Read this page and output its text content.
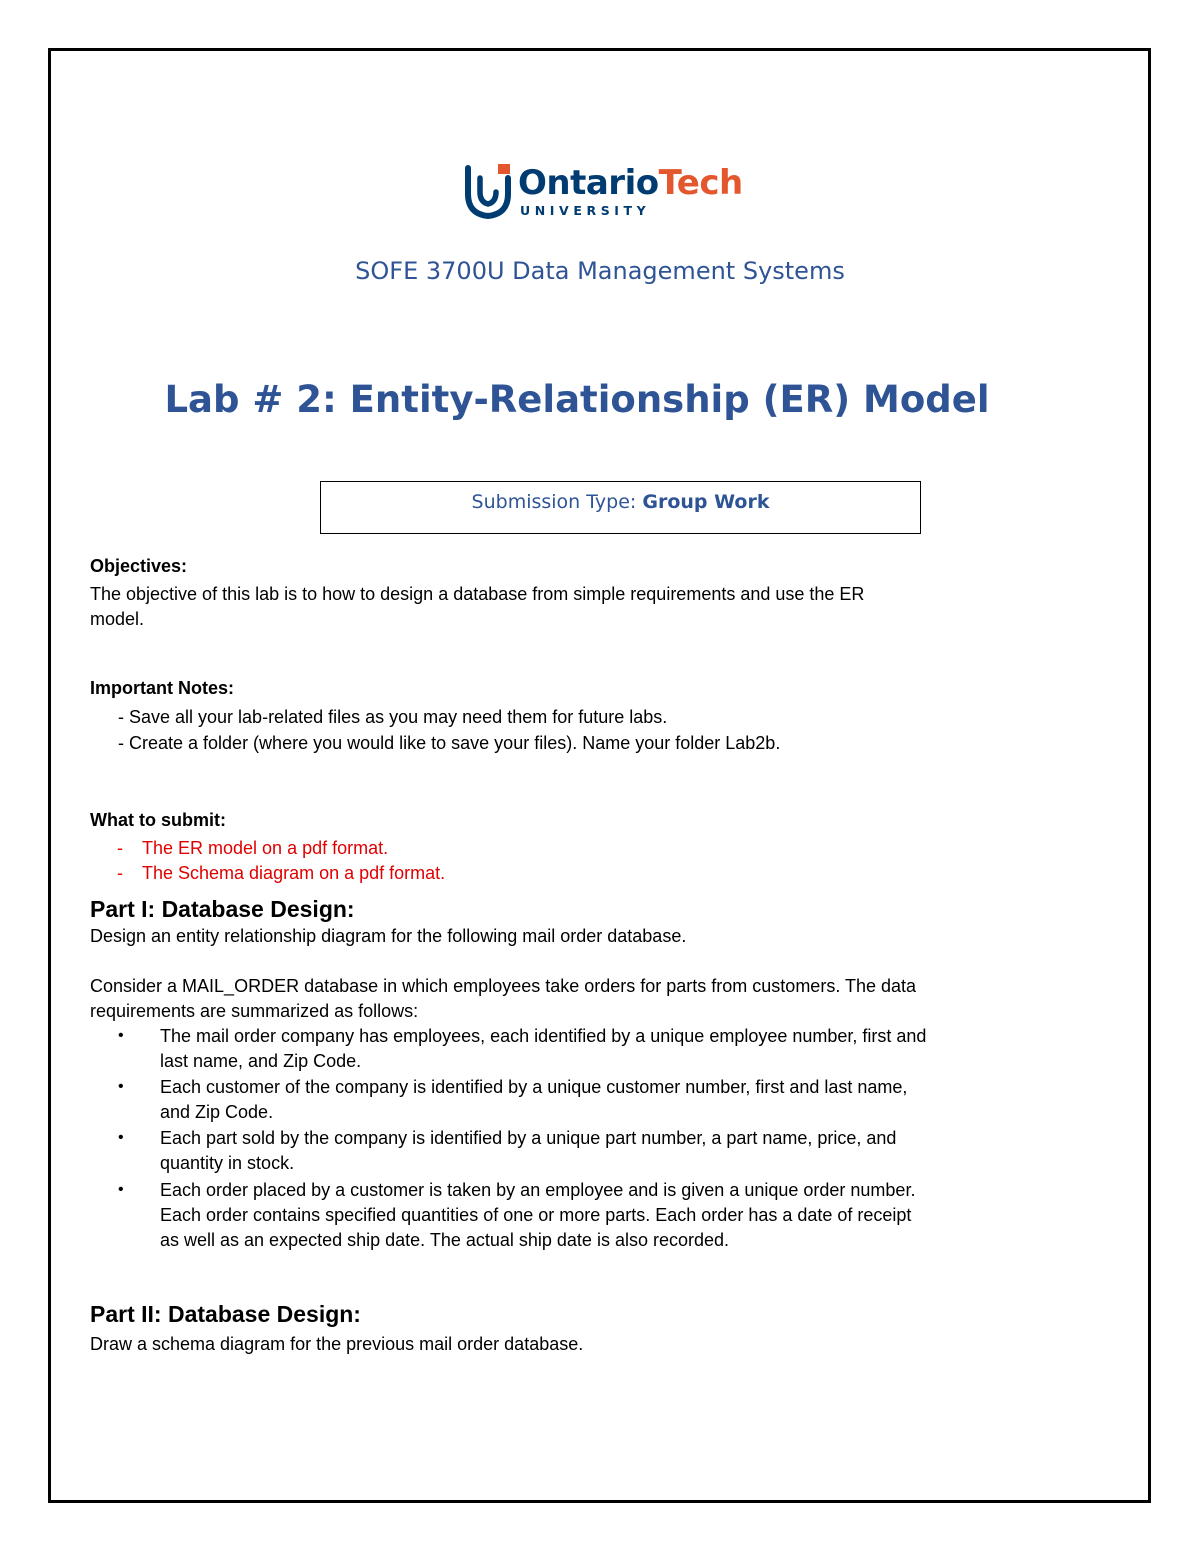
OntarioTech
UNIVERSITY
SOFE 3700U Data Management Systems
Lab # 2: Entity-Relationship (ER) Model
Submission Type: Group Work
Objectives:
The objective of this lab is to how to design a database from simple requirements and use the ER
model.
Important Notes:
- Save all your lab-related files as you may need them for future labs.
- Create a folder (where you would like to save your files). Name your folder Lab2b.
What to submit:
- The ER model on a pdf format.
- The Schema diagram on a pdf format.
Part I: Database Design:
Design an entity relationship diagram for the following mail order database.
Consider a MAIL_ORDER database in which employees take orders for parts from customers. The data
requirements are summarized as follows:
• The mail order company has employees, each identified by a unique employee number, first and
last name, and Zip Code.
• Each customer of the company is identified by a unique customer number, first and last name,
and Zip Code.
• Each part sold by the company is identified by a unique part number, a part name, price, and
quantity in stock.
• Each order placed by a customer is taken by an employee and is given a unique order number.
Each order contains specified quantities of one or more parts. Each order has a date of receipt
as well as an expected ship date. The actual ship date is also recorded.
Part II: Database Design:
Draw a schema diagram for the previous mail order database.
